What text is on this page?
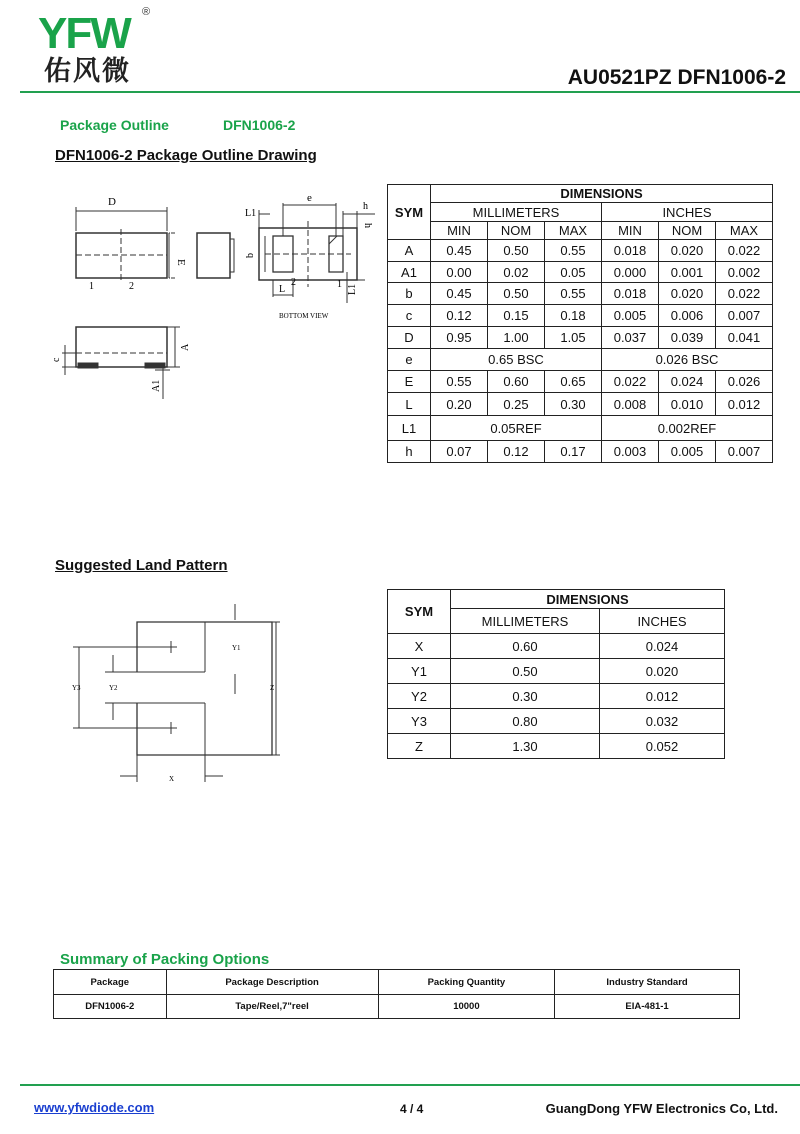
YFW ®
佑风微	AU0521PZ DFN1006-2
Package Outline	DFN1006-2
DFN1006-2 Package Outline Drawing
D
E
1	2
L1
e
h
h
b
2
L	1 L1
BOTTOM VIEW
c
A
A1
SYM	DIMENSIONS					
	MILLIMETERS			INCHES		
	MIN	NOM	MAX	MIN	NOM	MAX
A	0.45	0.50	0.55	0.018	0.020	0.022
A1	0.00	0.02	0.05	0.000	0.001	0.002
b	0.45	0.50	0.55	0.018	0.020	0.022
c	0.12	0.15	0.18	0.005	0.006	0.007
D	0.95	1.00	1.05	0.037	0.039	0.041
e	0.65 BSC			0.026 BSC		
E	0.55	0.60	0.65	0.022	0.024	0.026
L	0.20	0.25	0.30	0.008	0.010	0.012
L1	0.05REF			0.002REF		
h	0.07	0.12	0.17	0.003	0.005	0.007
Suggested Land Pattern
Y1
Y2
Y3	Z
X
SYM	DIMENSIONS	
	MILLIMETERS	INCHES
X	0.60	0.024
Y1	0.50	0.020
Y2	0.30	0.012
Y3	0.80	0.032
Z	1.30	0.052
Summary of Packing Options
Package	Package Description	Packing Quantity	Industry Standard
DFN1006-2	Tape/Reel,7"reel	10000	EIA-481-1
www.yfwdiode.com	4 / 4	GuangDong YFW Electronics Co, Ltd.
